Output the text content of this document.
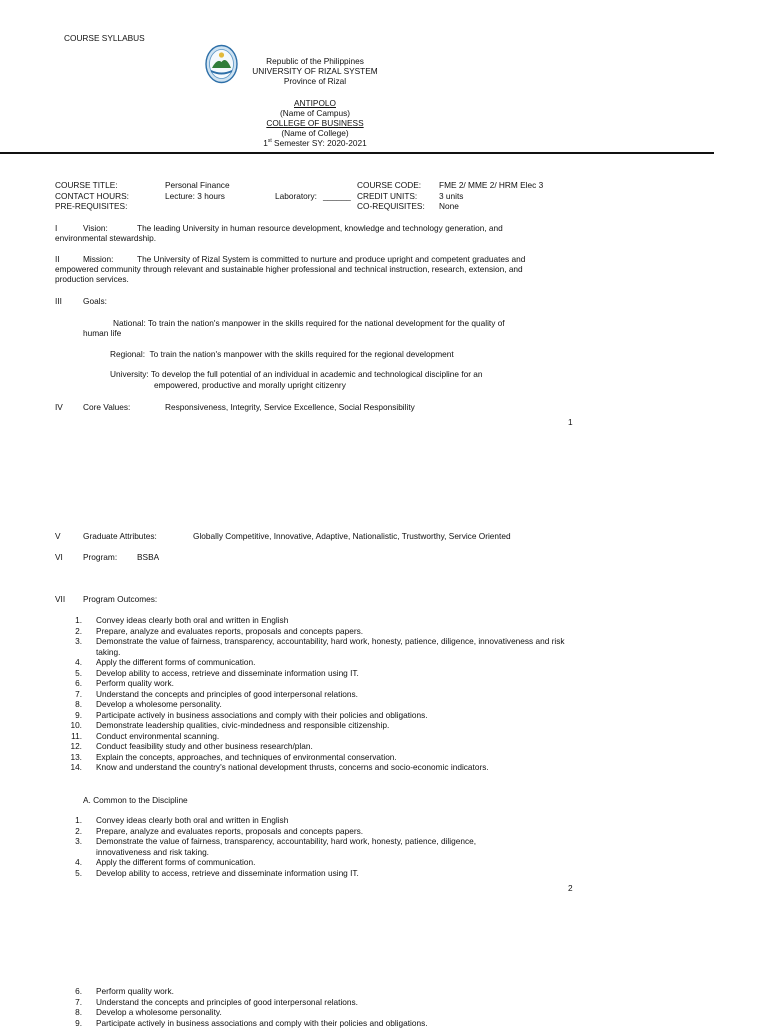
COURSE SYLLABUS
Republic of the Philippines
UNIVERSITY OF RIZAL SYSTEM
Province of Rizal
ANTIPOLO
(Name of Campus)
COLLEGE OF BUSINESS
(Name of College)
1st Semester SY: 2020-2021
COURSE TITLE:	Personal Finance	COURSE CODE: FME 2/ MME 2/ HRM Elec 3
CONTACT HOURS:	Lecture: 3 hours	Laboratory: ______ CREDIT UNITS:	3 units
PRE-REQUISITES:	CO-REQUISITES: None
I	Vision:	The leading University in human resource development, knowledge and technology generation, and
environmental stewardship.
II	Mission:	The University of Rizal System is committed to nurture and produce upright and competent graduates and
empowered community through relevant and sustainable higher professional and technical instruction, research, extension, and
production services.
III	Goals:
National: To train the nation's manpower in the skills required for the national development for the quality of
human life
Regional: To train the nation's manpower with the skills required for the regional development
University: To develop the full potential of an individual in academic and technological discipline for an
empowered, productive and morally upright citizenry
IV Core Values:	Responsiveness, Integrity, Service Excellence, Social Responsibility
1
V	Graduate Attributes:	Globally Competitive, Innovative, Adaptive, Nationalistic, Trustworthy, Service Oriented
VI Program: BSBA
VII Program Outcomes:
1.	Convey ideas clearly both oral and written in English
2.	Prepare, analyze and evaluates reports, proposals and concepts papers.
3.	Demonstrate the value of fairness, transparency, accountability, hard work, honesty, patience, diligence, innovativeness and risk taking.
4.	Apply the different forms of communication.
5.	Develop ability to access, retrieve and disseminate information using IT.
6.	Perform quality work.
7.	Understand the concepts and principles of good interpersonal relations.
8.	Develop a wholesome personality.
9.	Participate actively in business associations and comply with their policies and obligations.
10.	Demonstrate leadership qualities, civic-mindedness and responsible citizenship.
11.	Conduct environmental scanning.
12.	Conduct feasibility study and other business research/plan.
13.	Explain the concepts, approaches, and techniques of environmental conservation.
14.	Know and understand the country's national development thrusts, concerns and socio-economic indicators.
A. Common to the Discipline
1.	Convey ideas clearly both oral and written in English
2.	Prepare, analyze and evaluates reports, proposals and concepts papers.
3.	Demonstrate the value of fairness, transparency, accountability, hard work, honesty, patience, diligence, innovativeness and risk taking.
4.	Apply the different forms of communication.
5.	Develop ability to access, retrieve and disseminate information using IT.
2
6.	Perform quality work.
7.	Understand the concepts and principles of good interpersonal relations.
8.	Develop a wholesome personality.
9.	Participate actively in business associations and comply with their policies and obligations.
